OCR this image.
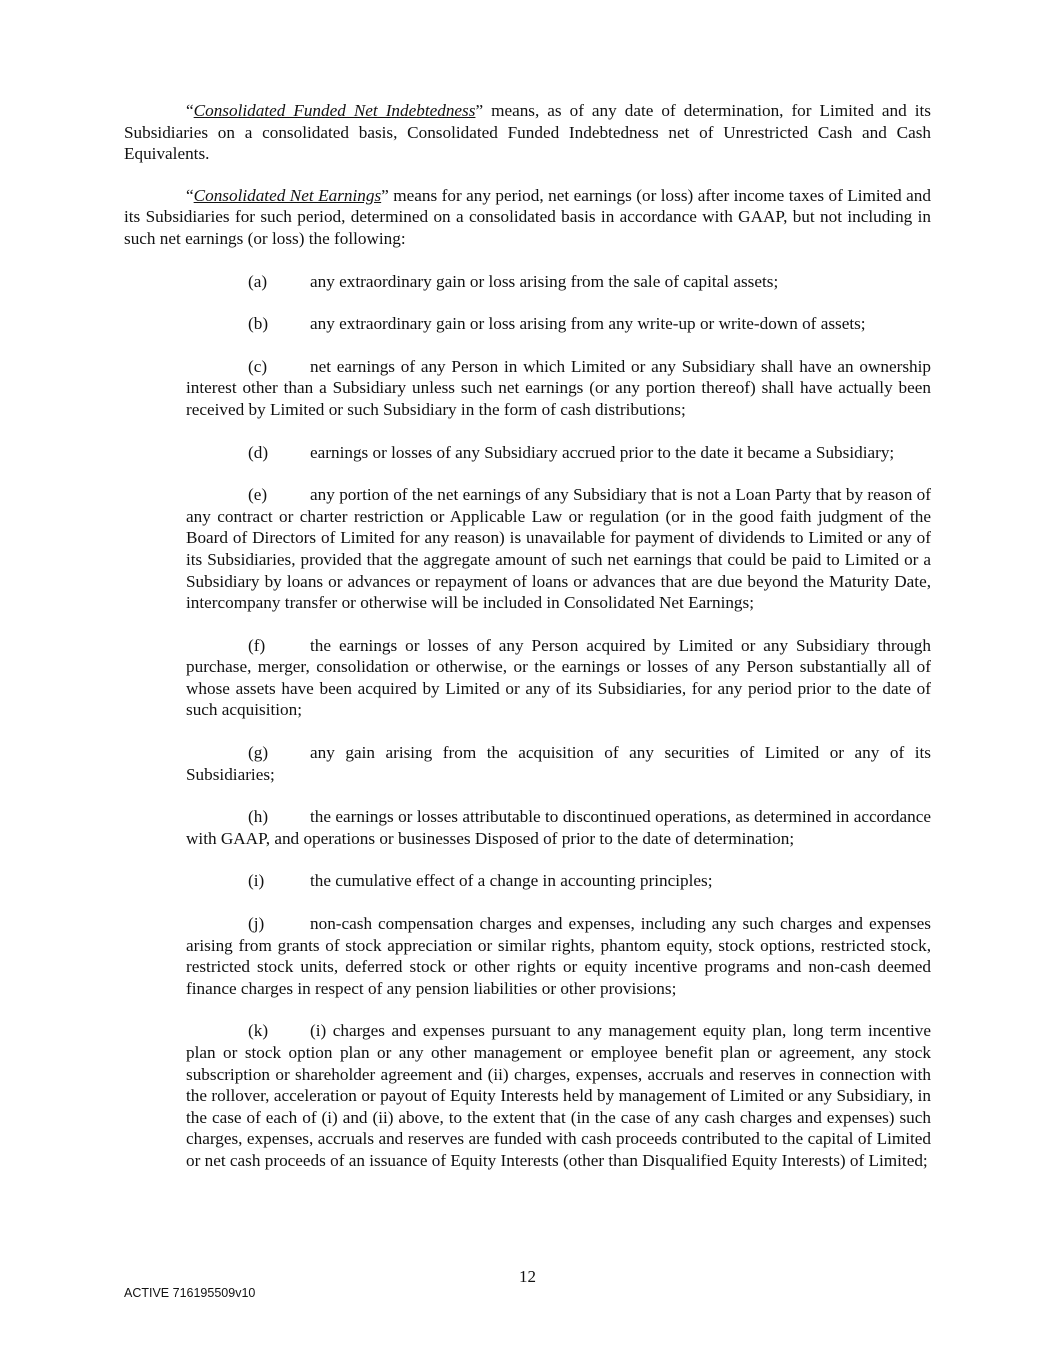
“Consolidated Funded Net Indebtedness” means, as of any date of determination, for Limited and its Subsidiaries on a consolidated basis, Consolidated Funded Indebtedness net of Unrestricted Cash and Cash Equivalents.

“Consolidated Net Earnings” means for any period, net earnings (or loss) after income taxes of Limited and its Subsidiaries for such period, determined on a consolidated basis in accordance with GAAP, but not including in such net earnings (or loss) the following:

(a) any extraordinary gain or loss arising from the sale of capital assets;

(b) any extraordinary gain or loss arising from any write-up or write-down of assets;

(c) net earnings of any Person in which Limited or any Subsidiary shall have an ownership interest other than a Subsidiary unless such net earnings (or any portion thereof) shall have actually been received by Limited or such Subsidiary in the form of cash distributions;

(d) earnings or losses of any Subsidiary accrued prior to the date it became a Subsidiary;

(e) any portion of the net earnings of any Subsidiary that is not a Loan Party that by reason of any contract or charter restriction or Applicable Law or regulation (or in the good faith judgment of the Board of Directors of Limited for any reason) is unavailable for payment of dividends to Limited or any of its Subsidiaries, provided that the aggregate amount of such net earnings that could be paid to Limited or a Subsidiary by loans or advances or repayment of loans or advances that are due beyond the Maturity Date, intercompany transfer or otherwise will be included in Consolidated Net Earnings;

(f)	the earnings or losses of any Person acquired by Limited or any Subsidiary through purchase, merger, consolidation or otherwise, or the earnings or losses of any Person substantially all of whose assets have been acquired by Limited or any of its Subsidiaries, for any period prior to the date of such acquisition;

(g) any gain arising from the acquisition of any securities of Limited or any of its Subsidiaries;

(h) the earnings or losses attributable to discontinued operations, as determined in accordance with GAAP, and operations or businesses Disposed of prior to the date of determination;

(i)	the cumulative effect of a change in accounting principles;

(j)	non-cash compensation charges and expenses, including any such charges and expenses arising from grants of stock appreciation or similar rights, phantom equity, stock options, restricted stock, restricted stock units, deferred stock or other rights or equity incentive programs and non-cash deemed finance charges in respect of any pension liabilities or other provisions;

(k) (i) charges and expenses pursuant to any management equity plan, long term incentive plan or stock option plan or any other management or employee benefit plan or agreement, any stock subscription or shareholder agreement and (ii) charges, expenses, accruals and reserves in connection with the rollover, acceleration or payout of Equity Interests held by management of Limited or any Subsidiary, in the case of each of (i) and (ii) above, to the extent that (in the case of any cash charges and expenses) such charges, expenses, accruals and reserves are funded with cash proceeds contributed to the capital of Limited or net cash proceeds of an issuance of Equity Interests (other than Disqualified Equity Interests) of Limited;

12
ACTIVE 716195509v10
